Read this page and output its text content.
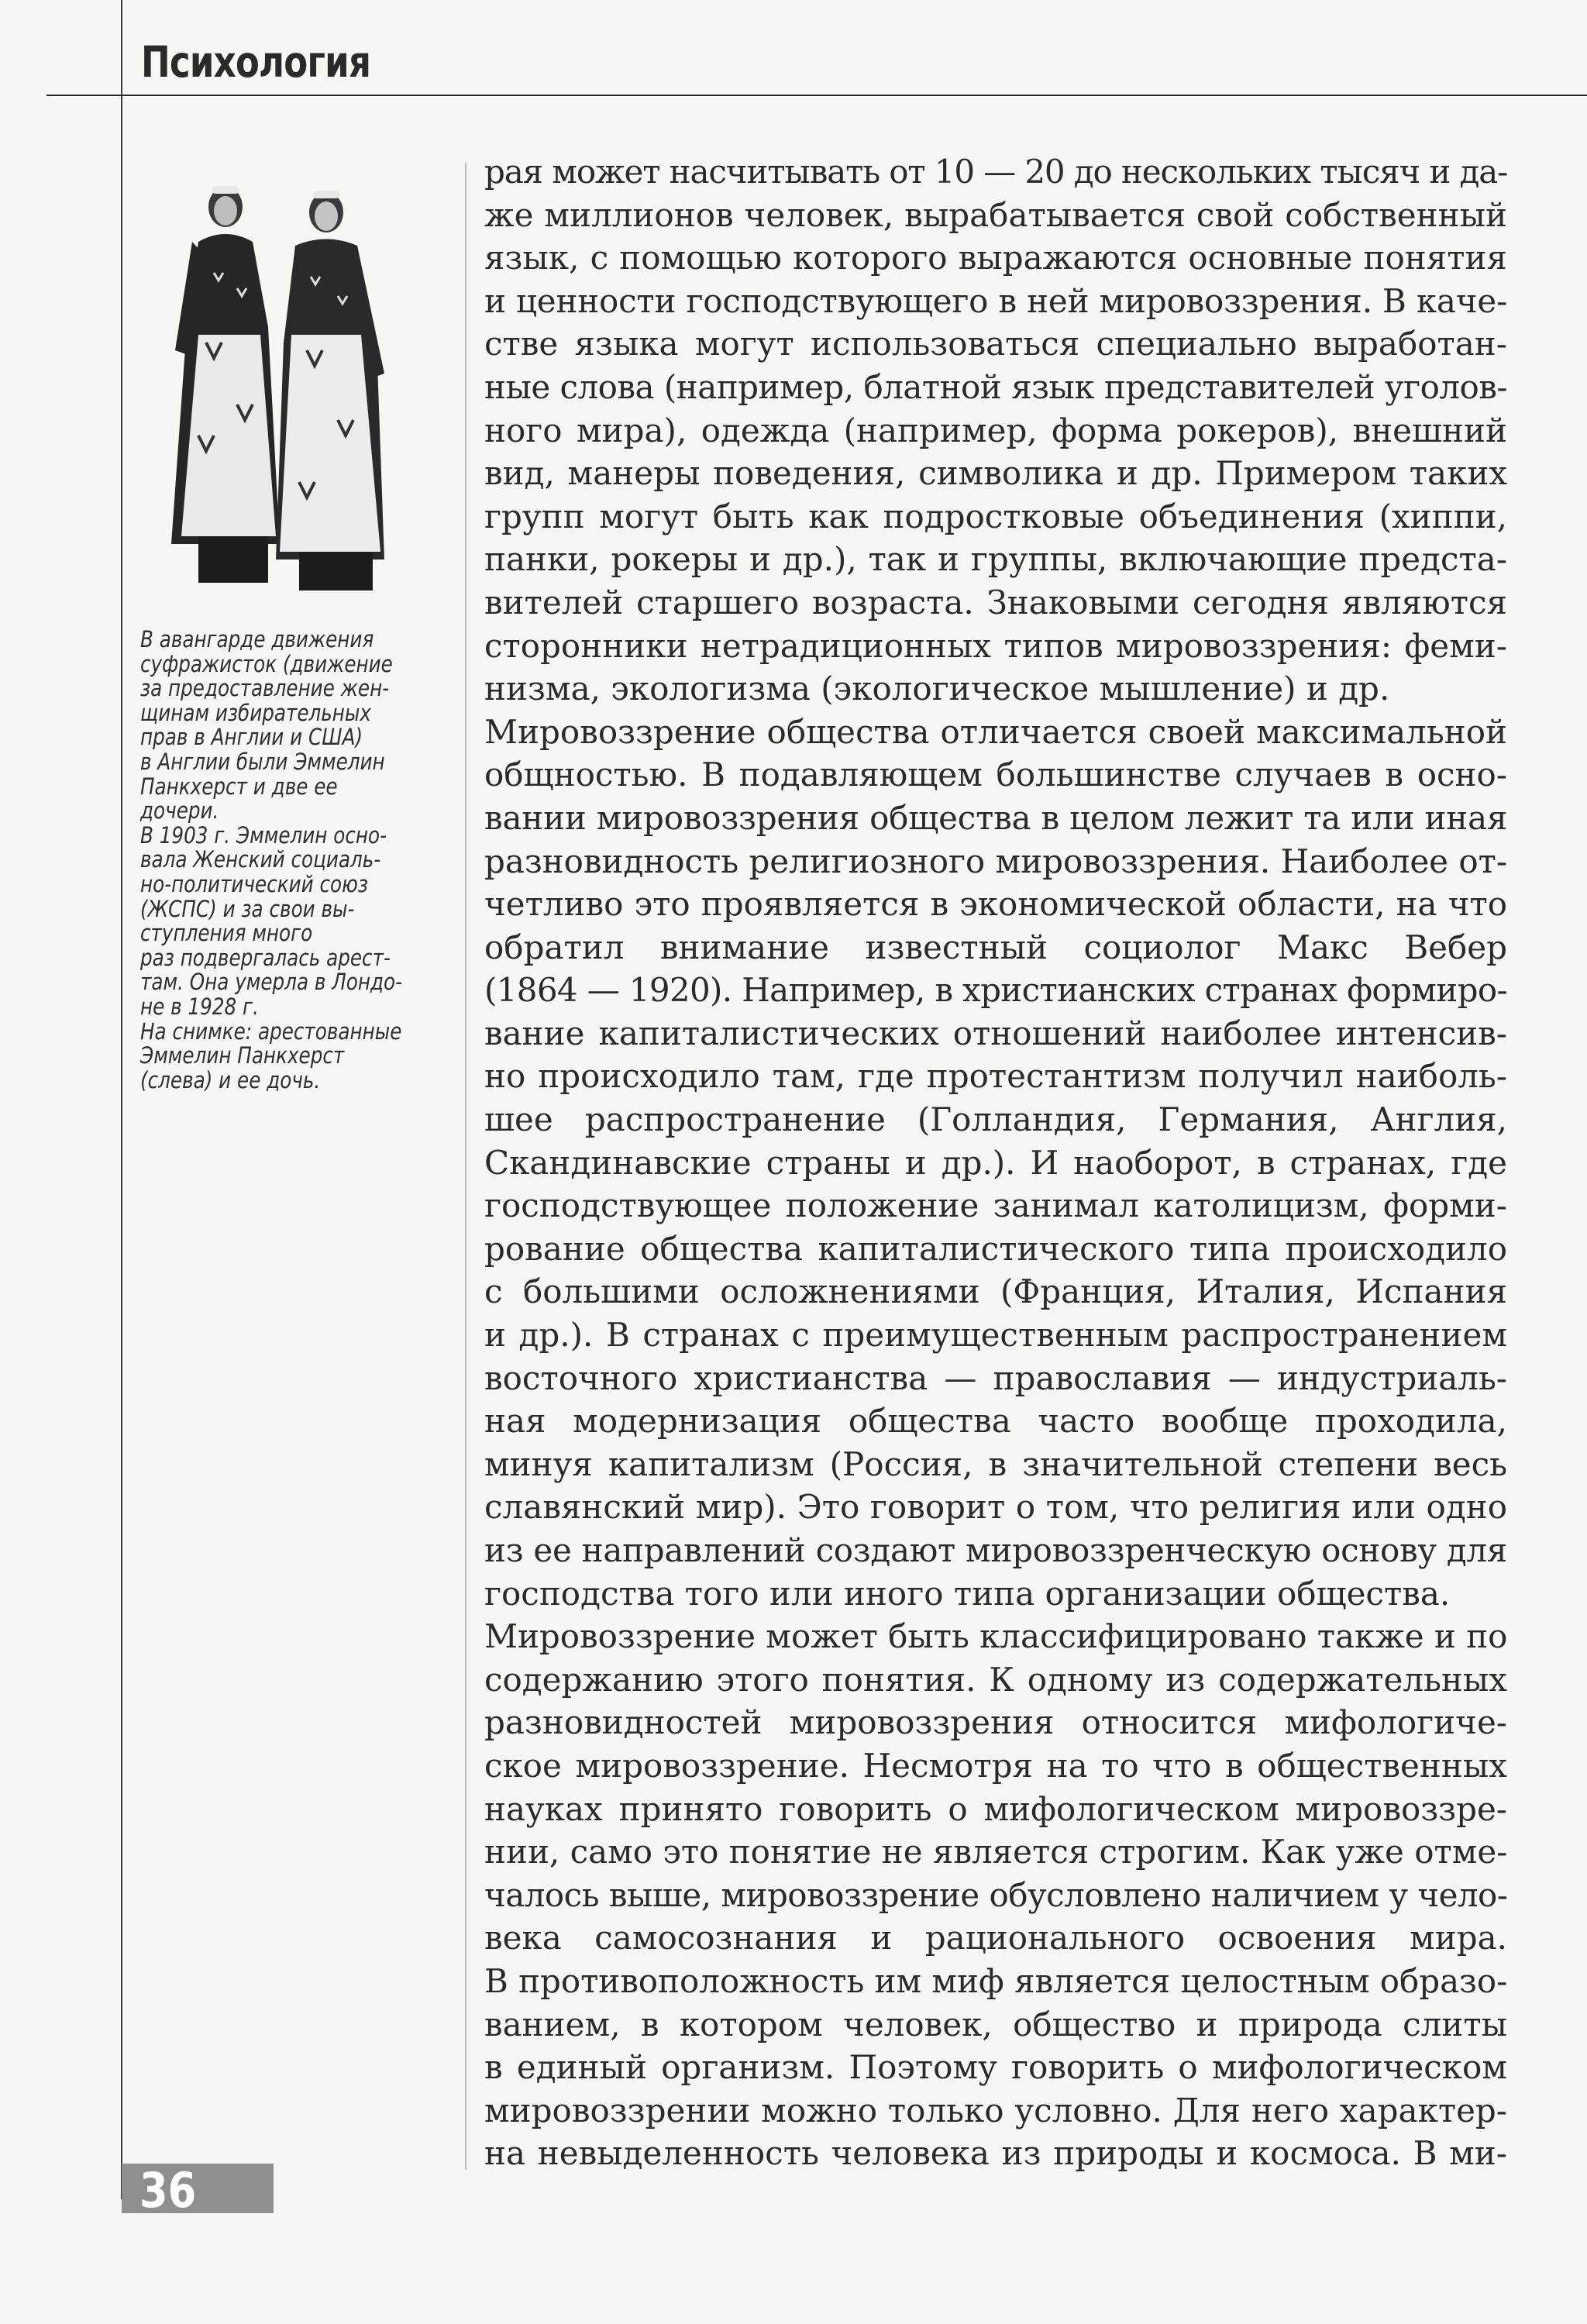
Психология
В авангарде движения
суфражисток (движение
за предоставление жен-
щинам избирательных
прав в Англии и США)
в Англии были Эммелин
Панкхерст и две ее
дочери.
В 1903 г. Эммелин осно-
вала Женский социаль-
но-политический союз
(ЖСПС) и за свои вы-
ступления много
раз подвергалась арест-
там. Она умерла в Лондо-
не в 1928 г.
На снимке: арестованные
Эммелин Панкхерст
(слева) и ее дочь.
рая может насчитывать от 10 — 20 до нескольких тысяч и да-
же миллионов человек, вырабатывается свой собственный
язык, с помощью которого выражаются основные понятия
и ценности господствующего в ней мировоззрения. В каче-
стве языка могут использоваться специально выработан-
ные слова (например, блатной язык представителей уголов-
ного мира), одежда (например, форма рокеров), внешний
вид, манеры поведения, символика и др. Примером таких
групп могут быть как подростковые объединения (хиппи,
панки, рокеры и др.), так и группы, включающие предста-
вителей старшего возраста. Знаковыми сегодня являются
сторонники нетрадиционных типов мировоззрения: феми-
низма, экологизма (экологическое мышление) и др.
Мировоззрение общества отличается своей максимальной
общностью. В подавляющем большинстве случаев в осно-
вании мировоззрения общества в целом лежит та или иная
разновидность религиозного мировоззрения. Наиболее от-
четливо это проявляется в экономической области, на что
обратил внимание известный социолог Макс Вебер
(1864 — 1920). Например, в христианских странах формиро-
вание капиталистических отношений наиболее интенсив-
но происходило там, где протестантизм получил наиболь-
шее распространение (Голландия, Германия, Англия,
Скандинавские страны и др.). И наоборот, в странах, где
господствующее положение занимал католицизм, форми-
рование общества капиталистического типа происходило
с большими осложнениями (Франция, Италия, Испания
и др.). В странах с преимущественным распространением
восточного христианства — православия — индустриаль-
ная модернизация общества часто вообще проходила,
минуя капитализм (Россия, в значительной степени весь
славянский мир). Это говорит о том, что религия или одно
из ее направлений создают мировоззренческую основу для
господства того или иного типа организации общества.
Мировоззрение может быть классифицировано также и по
содержанию этого понятия. К одному из содержательных
разновидностей мировоззрения относится мифологиче-
ское мировоззрение. Несмотря на то что в общественных
науках принято говорить о мифологическом мировоззре-
нии, само это понятие не является строгим. Как уже отме-
чалось выше, мировоззрение обусловлено наличием у чело-
века самосознания и рационального освоения мира.
В противоположность им миф является целостным образо-
ванием, в котором человек, общество и природа слиты
в единый организм. Поэтому говорить о мифологическом
мировоззрении можно только условно. Для него характер-
на невыделенность человека из природы и космоса. В ми-
36
